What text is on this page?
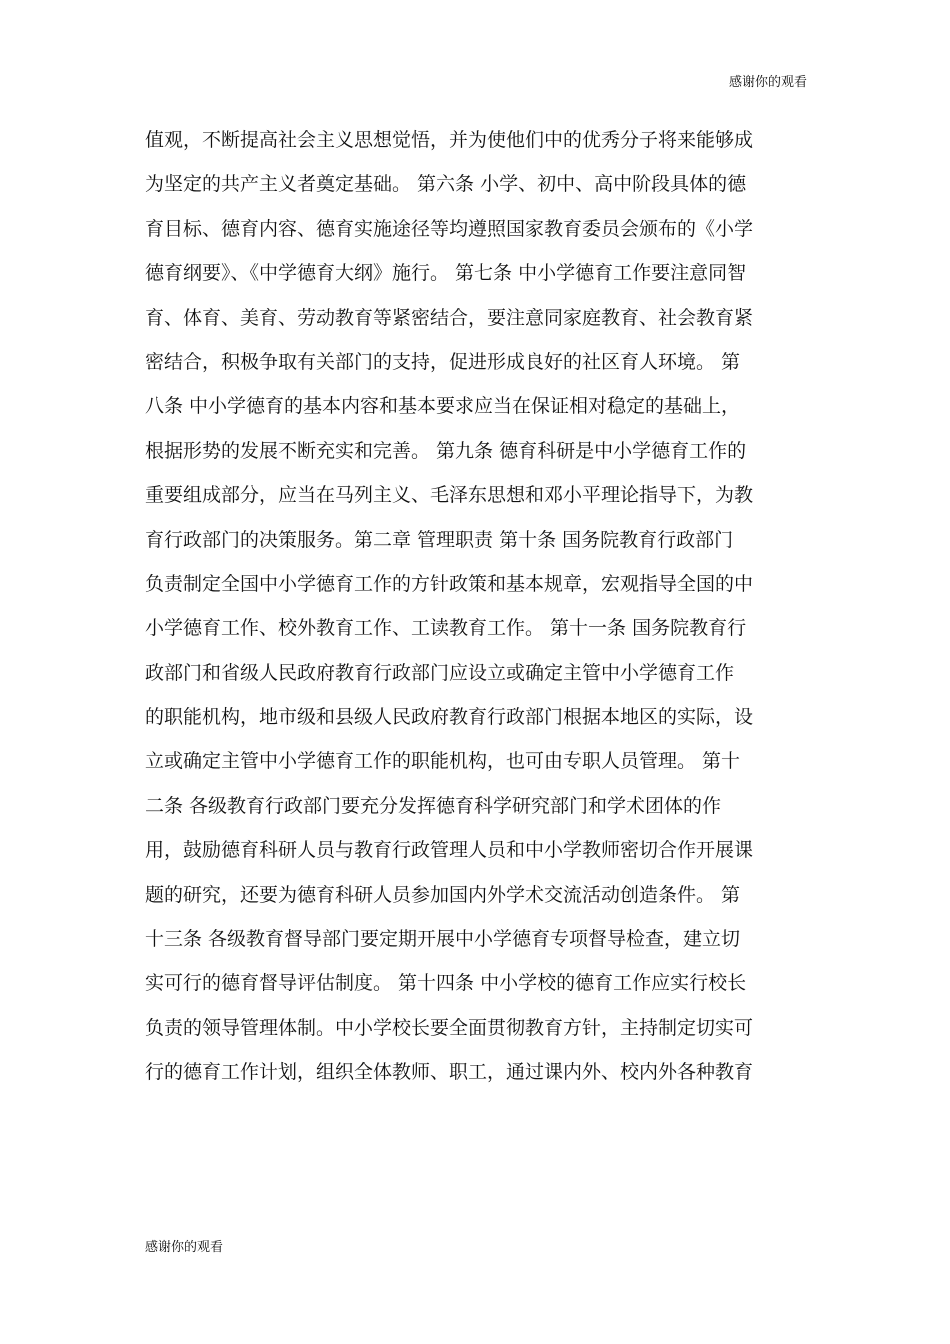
感谢你的观看
值观，不断提高社会主义思想觉悟，并为使他们中的优秀分子将来能够成
为坚定的共产主义者奠定基础。 第六条 小学、初中、高中阶段具体的德
育目标、德育内容、德育实施途径等均遵照国家教育委员会颁布的《小学
德育纲要》、《中学德育大纲》施行。 第七条 中小学德育工作要注意同智
育、体育、美育、劳动教育等紧密结合，要注意同家庭教育、社会教育紧
密结合，积极争取有关部门的支持，促进形成良好的社区育人环境。 第
八条 中小学德育的基本内容和基本要求应当在保证相对稳定的基础上，
根据形势的发展不断充实和完善。 第九条 德育科研是中小学德育工作的
重要组成部分，应当在马列主义、毛泽东思想和邓小平理论指导下，为教
育行政部门的决策服务。第二章 管理职责 第十条 国务院教育行政部门
负责制定全国中小学德育工作的方针政策和基本规章，宏观指导全国的中
小学德育工作、校外教育工作、工读教育工作。 第十一条 国务院教育行
政部门和省级人民政府教育行政部门应设立或确定主管中小学德育工作
的职能机构，地市级和县级人民政府教育行政部门根据本地区的实际，设
立或确定主管中小学德育工作的职能机构，也可由专职人员管理。 第十
二条 各级教育行政部门要充分发挥德育科学研究部门和学术团体的作
用，鼓励德育科研人员与教育行政管理人员和中小学教师密切合作开展课
题的研究，还要为德育科研人员参加国内外学术交流活动创造条件。 第
十三条 各级教育督导部门要定期开展中小学德育专项督导检查，建立切
实可行的德育督导评估制度。 第十四条 中小学校的德育工作应实行校长
负责的领导管理体制。中小学校长要全面贯彻教育方针，主持制定切实可
行的德育工作计划，组织全体教师、职工，通过课内外、校内外各种教育
感谢你的观看
